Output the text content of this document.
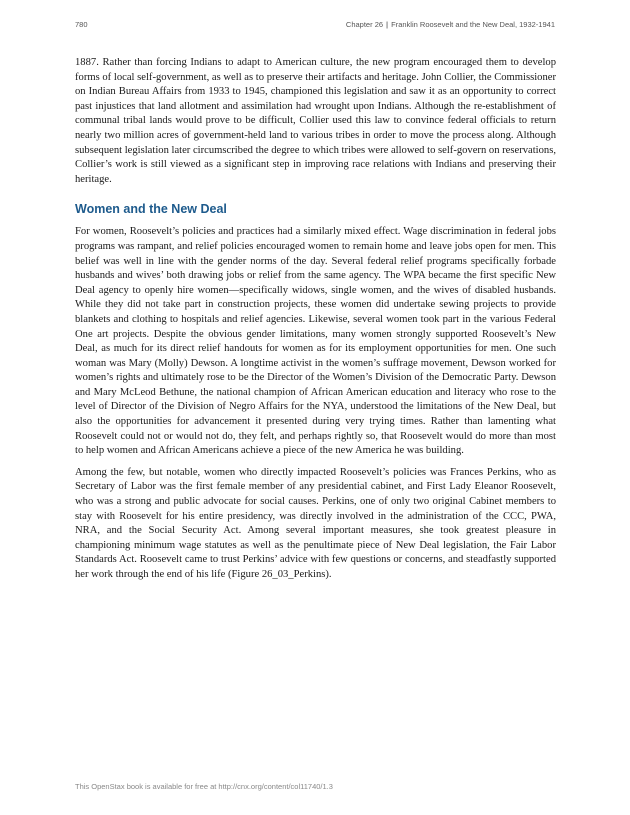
780	Chapter 26 | Franklin Roosevelt and the New Deal, 1932-1941

1887. Rather than forcing Indians to adapt to American culture, the new program encouraged them to develop forms of local self-government, as well as to preserve their artifacts and heritage. John Collier, the Commissioner on Indian Bureau Affairs from 1933 to 1945, championed this legislation and saw it as an opportunity to correct past injustices that land allotment and assimilation had wrought upon Indians. Although the re-establishment of communal tribal lands would prove to be difficult, Collier used this law to convince federal officials to return nearly two million acres of government-held land to various tribes in order to move the process along. Although subsequent legislation later circumscribed the degree to which tribes were allowed to self-govern on reservations, Collier’s work is still viewed as a significant step in improving race relations with Indians and preserving their heritage.

Women and the New Deal

For women, Roosevelt’s policies and practices had a similarly mixed effect. Wage discrimination in federal jobs programs was rampant, and relief policies encouraged women to remain home and leave jobs open for men. This belief was well in line with the gender norms of the day. Several federal relief programs specifically forbade husbands and wives’ both drawing jobs or relief from the same agency. The WPA became the first specific New Deal agency to openly hire women—specifically widows, single women, and the wives of disabled husbands. While they did not take part in construction projects, these women did undertake sewing projects to provide blankets and clothing to hospitals and relief agencies. Likewise, several women took part in the various Federal One art projects. Despite the obvious gender limitations, many women strongly supported Roosevelt’s New Deal, as much for its direct relief handouts for women as for its employment opportunities for men. One such woman was Mary (Molly) Dewson. A longtime activist in the women’s suffrage movement, Dewson worked for women’s rights and ultimately rose to be the Director of the Women’s Division of the Democratic Party. Dewson and Mary McLeod Bethune, the national champion of African American education and literacy who rose to the level of Director of the Division of Negro Affairs for the NYA, understood the limitations of the New Deal, but also the opportunities for advancement it presented during very trying times. Rather than lamenting what Roosevelt could not or would not do, they felt, and perhaps rightly so, that Roosevelt would do more than most to help women and African Americans achieve a piece of the new America he was building.

Among the few, but notable, women who directly impacted Roosevelt’s policies was Frances Perkins, who as Secretary of Labor was the first female member of any presidential cabinet, and First Lady Eleanor Roosevelt, who was a strong and public advocate for social causes. Perkins, one of only two original Cabinet members to stay with Roosevelt for his entire presidency, was directly involved in the administration of the CCC, PWA, NRA, and the Social Security Act. Among several important measures, she took greatest pleasure in championing minimum wage statutes as well as the penultimate piece of New Deal legislation, the Fair Labor Standards Act. Roosevelt came to trust Perkins’ advice with few questions or concerns, and steadfastly supported her work through the end of his life (Figure 26_03_Perkins).

This OpenStax book is available for free at http://cnx.org/content/col11740/1.3
